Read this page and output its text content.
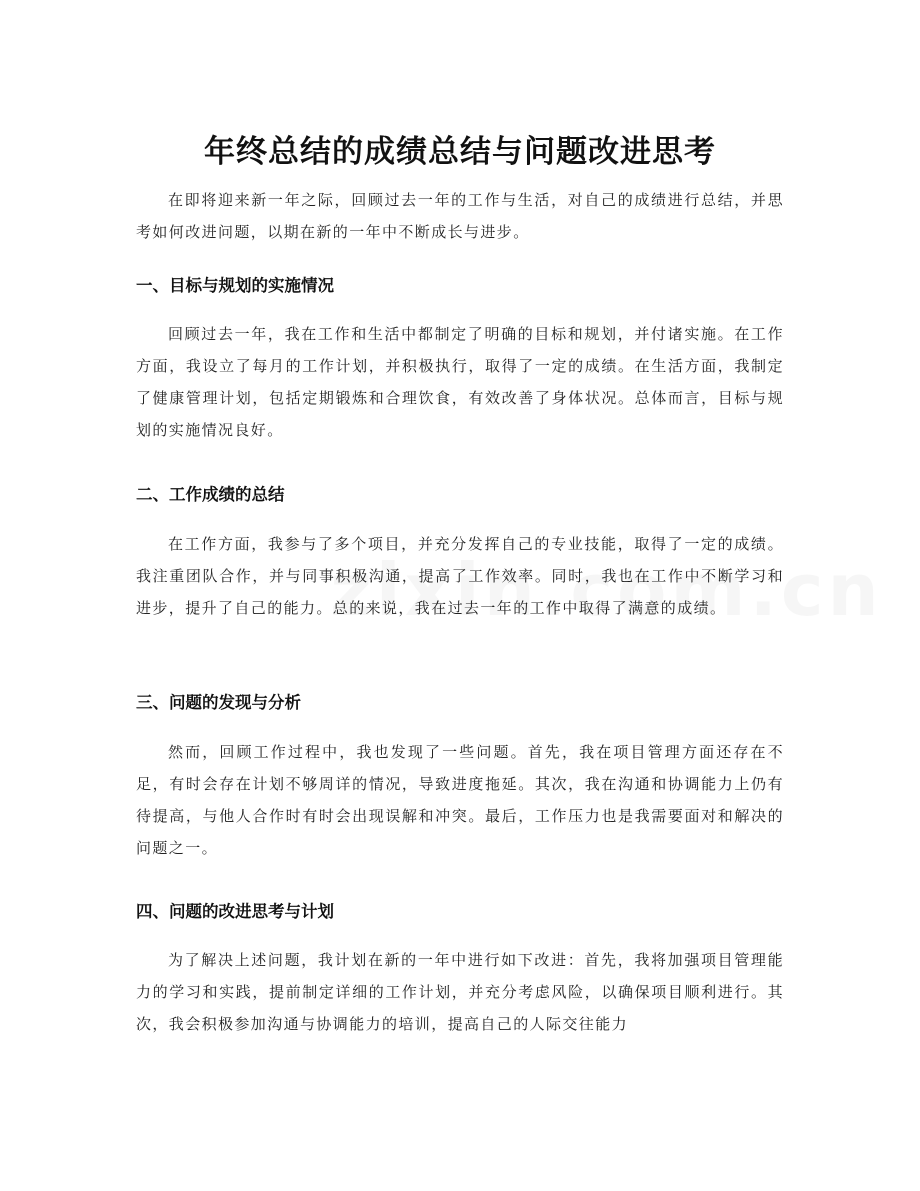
年终总结的成绩总结与问题改进思考

在即将迎来新一年之际，回顾过去一年的工作与生活，对自己的成绩进行总结，并思考如何改进问题，以期在新的一年中不断成长与进步。

一、目标与规划的实施情况

回顾过去一年，我在工作和生活中都制定了明确的目标和规划，并付诸实施。在工作方面，我设立了每月的工作计划，并积极执行，取得了一定的成绩。在生活方面，我制定了健康管理计划，包括定期锻炼和合理饮食，有效改善了身体状况。总体而言，目标与规划的实施情况良好。

二、工作成绩的总结

在工作方面，我参与了多个项目，并充分发挥自己的专业技能，取得了一定的成绩。我注重团队合作，并与同事积极沟通，提高了工作效率。同时，我也在工作中不断学习和进步，提升了自己的能力。总的来说，我在过去一年的工作中取得了满意的成绩。

三、问题的发现与分析

然而，回顾工作过程中，我也发现了一些问题。首先，我在项目管理方面还存在不足，有时会存在计划不够周详的情况，导致进度拖延。其次，我在沟通和协调能力上仍有待提高，与他人合作时有时会出现误解和冲突。最后，工作压力也是我需要面对和解决的问题之一。

四、问题的改进思考与计划

为了解决上述问题，我计划在新的一年中进行如下改进：首先，我将加强项目管理能力的学习和实践，提前制定详细的工作计划，并充分考虑风险，以确保项目顺利进行。其次，我会积极参加沟通与协调能力的培训，提高自己的人际交往能力
